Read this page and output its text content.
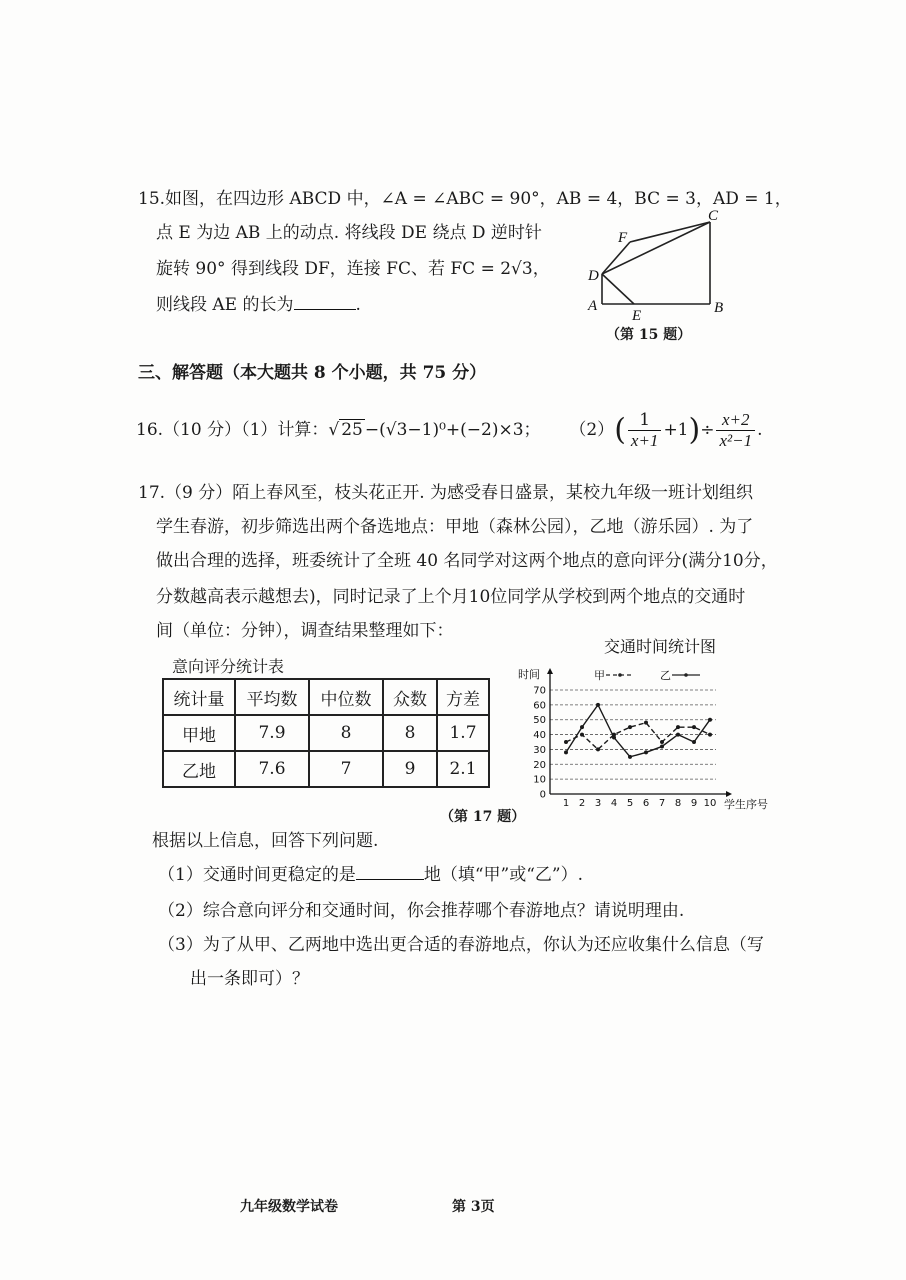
15.如图，在四边形 ABCD 中，∠A = ∠ABC = 90°，AB = 4，BC = 3，AD = 1，
点 E 为边 AB 上的动点. 将线段 DE 绕点 D 逆时针
旋转 90° 得到线段 DF，连接 FC、若 FC = 2√3，
则线段 AE 的长为	.	A	B
C
D
E
F
（第 15 题）
三、解答题（本大题共 8 个小题，共 75 分）
16.（10 分）（1）计算：√ 25 −(√3−1)⁰+(−2)×3； $(2)( \frac{1}{x+1} +1)\div \frac{x+2}{\text{x²−1}}$ .
17.（9 分）陌上春风至，枝头花正开. 为感受春日盛景，某校九年级一班计划组织
学生春游，初步筛选出两个备选地点：甲地（森林公园），乙地（游乐园）. 为了
做出合理的选择，班委统计了全班 40 名同学对这两个地点的意向评分(满分10分，
分数越高表示越想去)，同时记录了上个月10位同学从学校到两个地点的交通时
间（单位：分钟），调查结果整理如下：
意向评分统计表
统计量	平均数	中位数	众数	方差
甲地	7.9	8	8	1.7
乙地	7.6	7	9	2.1
交通时间统计图
时间
学生序号
甲	乙
0
10
20
30
40
50
60
70
1 2 3 4 5 6 7 8 9 10
（第 17 题）
根据以上信息，回答下列问题.
（1）交通时间更稳定的是	地（填“甲”或“乙”）.
（2）综合意向评分和交通时间，你会推荐哪个春游地点？请说明理由.
（3）为了从甲、乙两地中选出更合适的春游地点，你认为还应收集什么信息（写
出一条即可）？
九年级数学试卷	第 3页
